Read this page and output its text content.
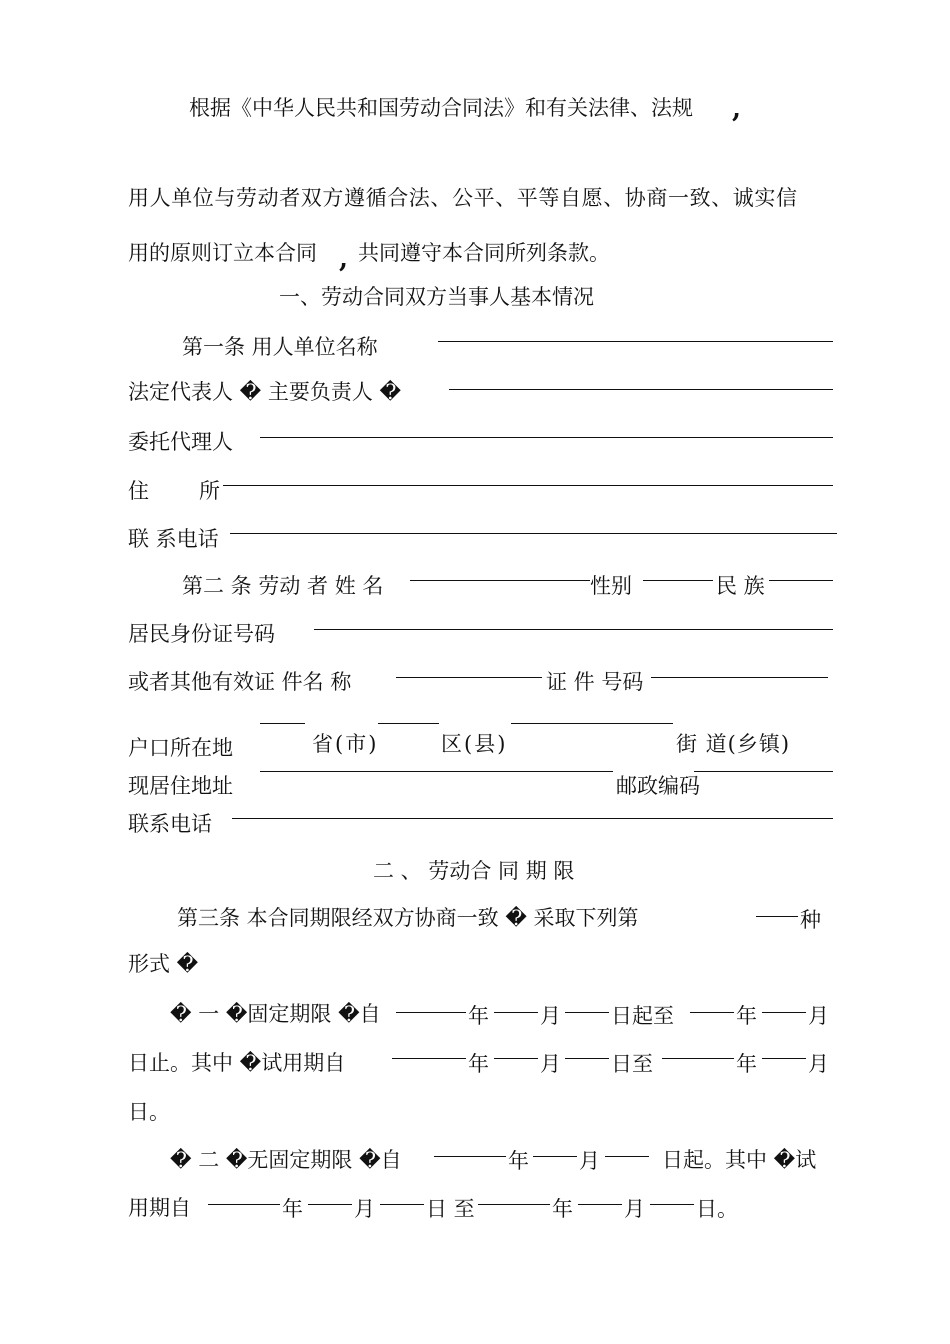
根据《中华人民共和国劳动合同法》和有关法律、法规 ,
用人单位与劳动者双方遵循合法、公平、平等自愿、协商一致、诚实信
用的原则订立本合同 , 共同遵守本合同所列条款。
一、劳动合同双方当事人基本情况
第一条 用人单位名称
法定代表人 � 主要负责人 �
委托代理人
住 所
联 系电话
第二 条 劳动 者 姓 名	性别	民 族
居民身份证号码
或者其他有效证 件名 称	证 件 号码
户口所在地	省(市)	区(县)	街 道(乡镇)
现居住地址	邮政编码
联系电话
二 、 劳动合 同 期 限
第三条 本合同期限经双方协商一致 � 采取下列第	种
形式 �
� 一 �固定期限 �自	年 月 日起至	年 月
日止。其中 �试用期自	年 月 日至	年 月
日。
� 二 �无固定期限 �自	年 月	日起。其中 �试
用期自	年 月 日 至	年 月 日。
